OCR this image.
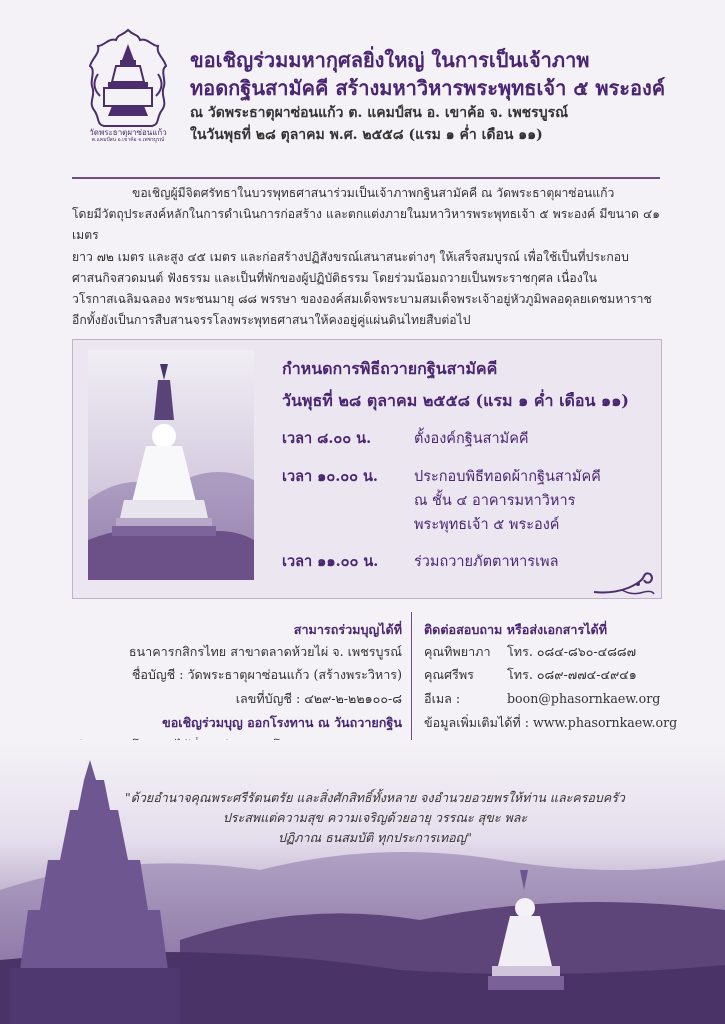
วัดพระธาตุผาซ่อนแก้ว
ต.แคมป์สน อ.เขาค้อ จ.เพชรบูรณ์
ขอเชิญร่วมมหากุศลยิ่งใหญ่ ในการเป็นเจ้าภาพ
ทอดกฐินสามัคคี สร้างมหาวิหารพระพุทธเจ้า ๕ พระองค์
ณ วัดพระธาตุผาซ่อนแก้ว ต. แคมป์สน อ. เขาค้อ จ. เพชรบูรณ์
ในวันพุธที่ ๒๘ ตุลาคม พ.ศ. ๒๕๕๘ (แรม ๑ ค่ำ เดือน ๑๑)
ขอเชิญผู้มีจิตศรัทธาในบวรพุทธศาสนาร่วมเป็นเจ้าภาพกฐินสามัคคี ณ วัดพระธาตุผาซ่อนแก้ว
โดยมีวัตถุประสงค์หลักในการดำเนินการก่อสร้าง และตกแต่งภายในมหาวิหารพระพุทธเจ้า ๕ พระองค์ มีขนาด ๔๑ เมตร
ยาว ๗๒ เมตร และสูง ๔๕ เมตร และก่อสร้างปฏิสังขรณ์เสนาสนะต่างๆ ให้เสร็จสมบูรณ์ เพื่อใช้เป็นที่ประกอบ
ศาสนกิจสวดมนต์ ฟังธรรม และเป็นที่พักของผู้ปฏิบัติธรรม โดยร่วมน้อมถวายเป็นพระราชกุศล เนื่องใน
วโรกาสเฉลิมฉลอง พระชนมายุ ๘๘ พรรษา ขององค์สมเด็จพระบามสมเด็จพระเจ้าอยู่หัวภูมิพลอดุลยเดชมหาราช
อีกทั้งยังเป็นการสืบสานจรรโลงพระพุทธศาสนาให้คงอยู่คู่แผ่นดินไทยสืบต่อไป
กำหนดการพิธีถวายกฐินสามัคคี
วันพุธที่ ๒๘ ตุลาคม ๒๕๕๘ (แรม ๑ ค่ำ เดือน ๑๑)
เวลา ๘.๐๐ น.	ตั้งองค์กฐินสามัคคี
เวลา ๑๐.๐๐ น. ประกอบพิธีทอดผ้ากฐินสามัคคี
ณ ชั้น ๔ อาคารมหาวิหาร
พระพุทธเจ้า ๕ พระองค์
เวลา ๑๑.๐๐ น. ร่วมถวายภัตตาหารเพล
สามารถร่วมบุญได้ที่
ธนาคารกสิกรไทย สาขาตลาดห้วยไผ่ จ. เพชรบูรณ์
ชื่อบัญชี : วัดพระธาตุผาซ่อนแก้ว (สร้างพระวิหาร)
เลขที่บัญชี : ๔๒๙-๒-๒๒๑๐๐-๘
ขอเชิญร่วมบุญ ออกโรงทาน ณ วันถวายกฐิน
ติดต่อสอบถาม หรือส่งเอกสารได้ที่
คุณทิพยาภา โทร. ๐๘๔-๘๖๐-๔๘๘๗
คุณศรีพร	โทร. ๐๘๙-๗๗๔-๔๙๔๑
อีเมล :	boon@phasornkaew.org
ข้อมูลเพิ่มเติมได้ที่ : www.phasornkaew.org
"ด้วยอำนาจคุณพระศรีรัตนตรัย และสิ่งศักสิทธิ์ทั้งหลาย จงอำนวยอวยพรให้ท่าน และครอบครัว
ประสพแต่ความสุข ความเจริญด้วยอายุ วรรณะ สุขะ พละ
ปฏิภาณ ธนสมบัติ ทุกประการเทอญ"
